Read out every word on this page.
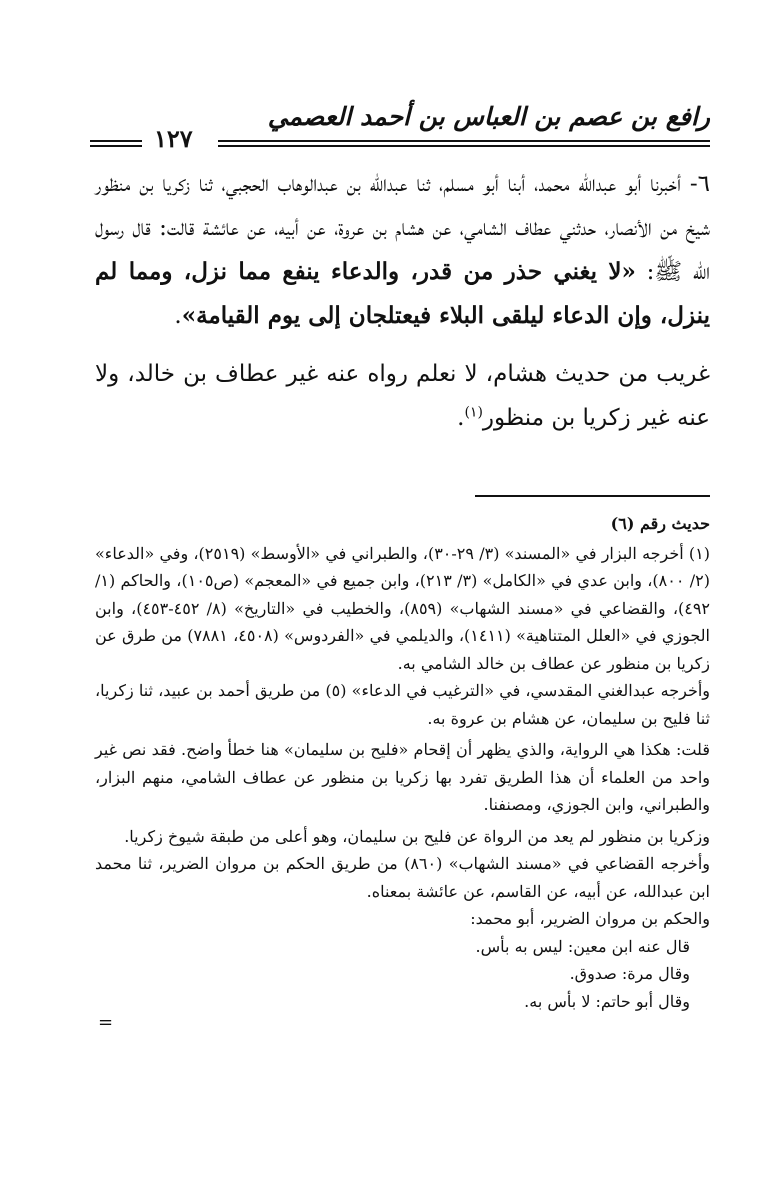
رافع بن عصم بن العباس بن أحمد العصمي
١٢٧

٦- أخبرنا أبو عبدالله محمد، أبنا أبو مسلم، ثنا عبدالله بن عبدالوهاب الحجبي، ثنا زكريا بن منظور شيخ من الأنصار، حدثني عطاف الشامي، عن هشام بن عروة، عن أبيه، عن عائشة قالت: قال رسول الله ﷺ: «لا يغني حذر من قدر، والدعاء ينفع مما نزل، ومما لم ينزل، وإن الدعاء ليلقى البلاء فيعتلجان إلى يوم القيامة».

غريب من حديث هشام، لا نعلم رواه عنه غير عطاف بن خالد، ولا عنه غير زكريا بن منظور$^{(١)}$.

حديث رقم (٦)

(١) أخرجه البزار في «المسند» (٣/ ٢٩-٣٠)، والطبراني في «الأوسط» (٢٥١٩)، وفي «الدعاء» (٢/ ٨٠٠)، وابن عدي في «الكامل» (٣/ ٢١٣)، وابن جميع في «المعجم» (ص١٠٥)، والحاكم (١/ ٤٩٢)، والقضاعي في «مسند الشهاب» (٨٥٩)، والخطيب في «التاريخ» (٨/ ٤٥٢-٤٥٣)، وابن الجوزي في «العلل المتناهية» (١٤١١)، والديلمي في «الفردوس» (٤٥٠٨، ٧٨٨١) من طرق عن زكريا بن منظور عن عطاف بن خالد الشامي به.

وأخرجه عبدالغني المقدسي، في «الترغيب في الدعاء» (٥) من طريق أحمد بن عبيد، ثنا زكريا، ثنا فليح بن سليمان، عن هشام بن عروة به.

قلت: هكذا هي الرواية، والذي يظهر أن إقحام «فليح بن سليمان» هنا خطأ واضح. فقد نص غير واحد من العلماء أن هذا الطريق تفرد بها زكريا بن منظور عن عطاف الشامي، منهم البزار، والطبراني، وابن الجوزي، ومصنفنا.

وزكريا بن منظور لم يعد من الرواة عن فليح بن سليمان، وهو أعلى من طبقة شيوخ زكريا.

وأخرجه القضاعي في «مسند الشهاب» (٨٦٠) من طريق الحكم بن مروان الضرير، ثنا محمد ابن عبدالله، عن أبيه، عن القاسم، عن عائشة بمعناه.

والحكم بن مروان الضرير، أبو محمد:

قال عنه ابن معين: ليس به بأس.

وقال مرة: صدوق.

وقال أبو حاتم: لا بأس به.

=
